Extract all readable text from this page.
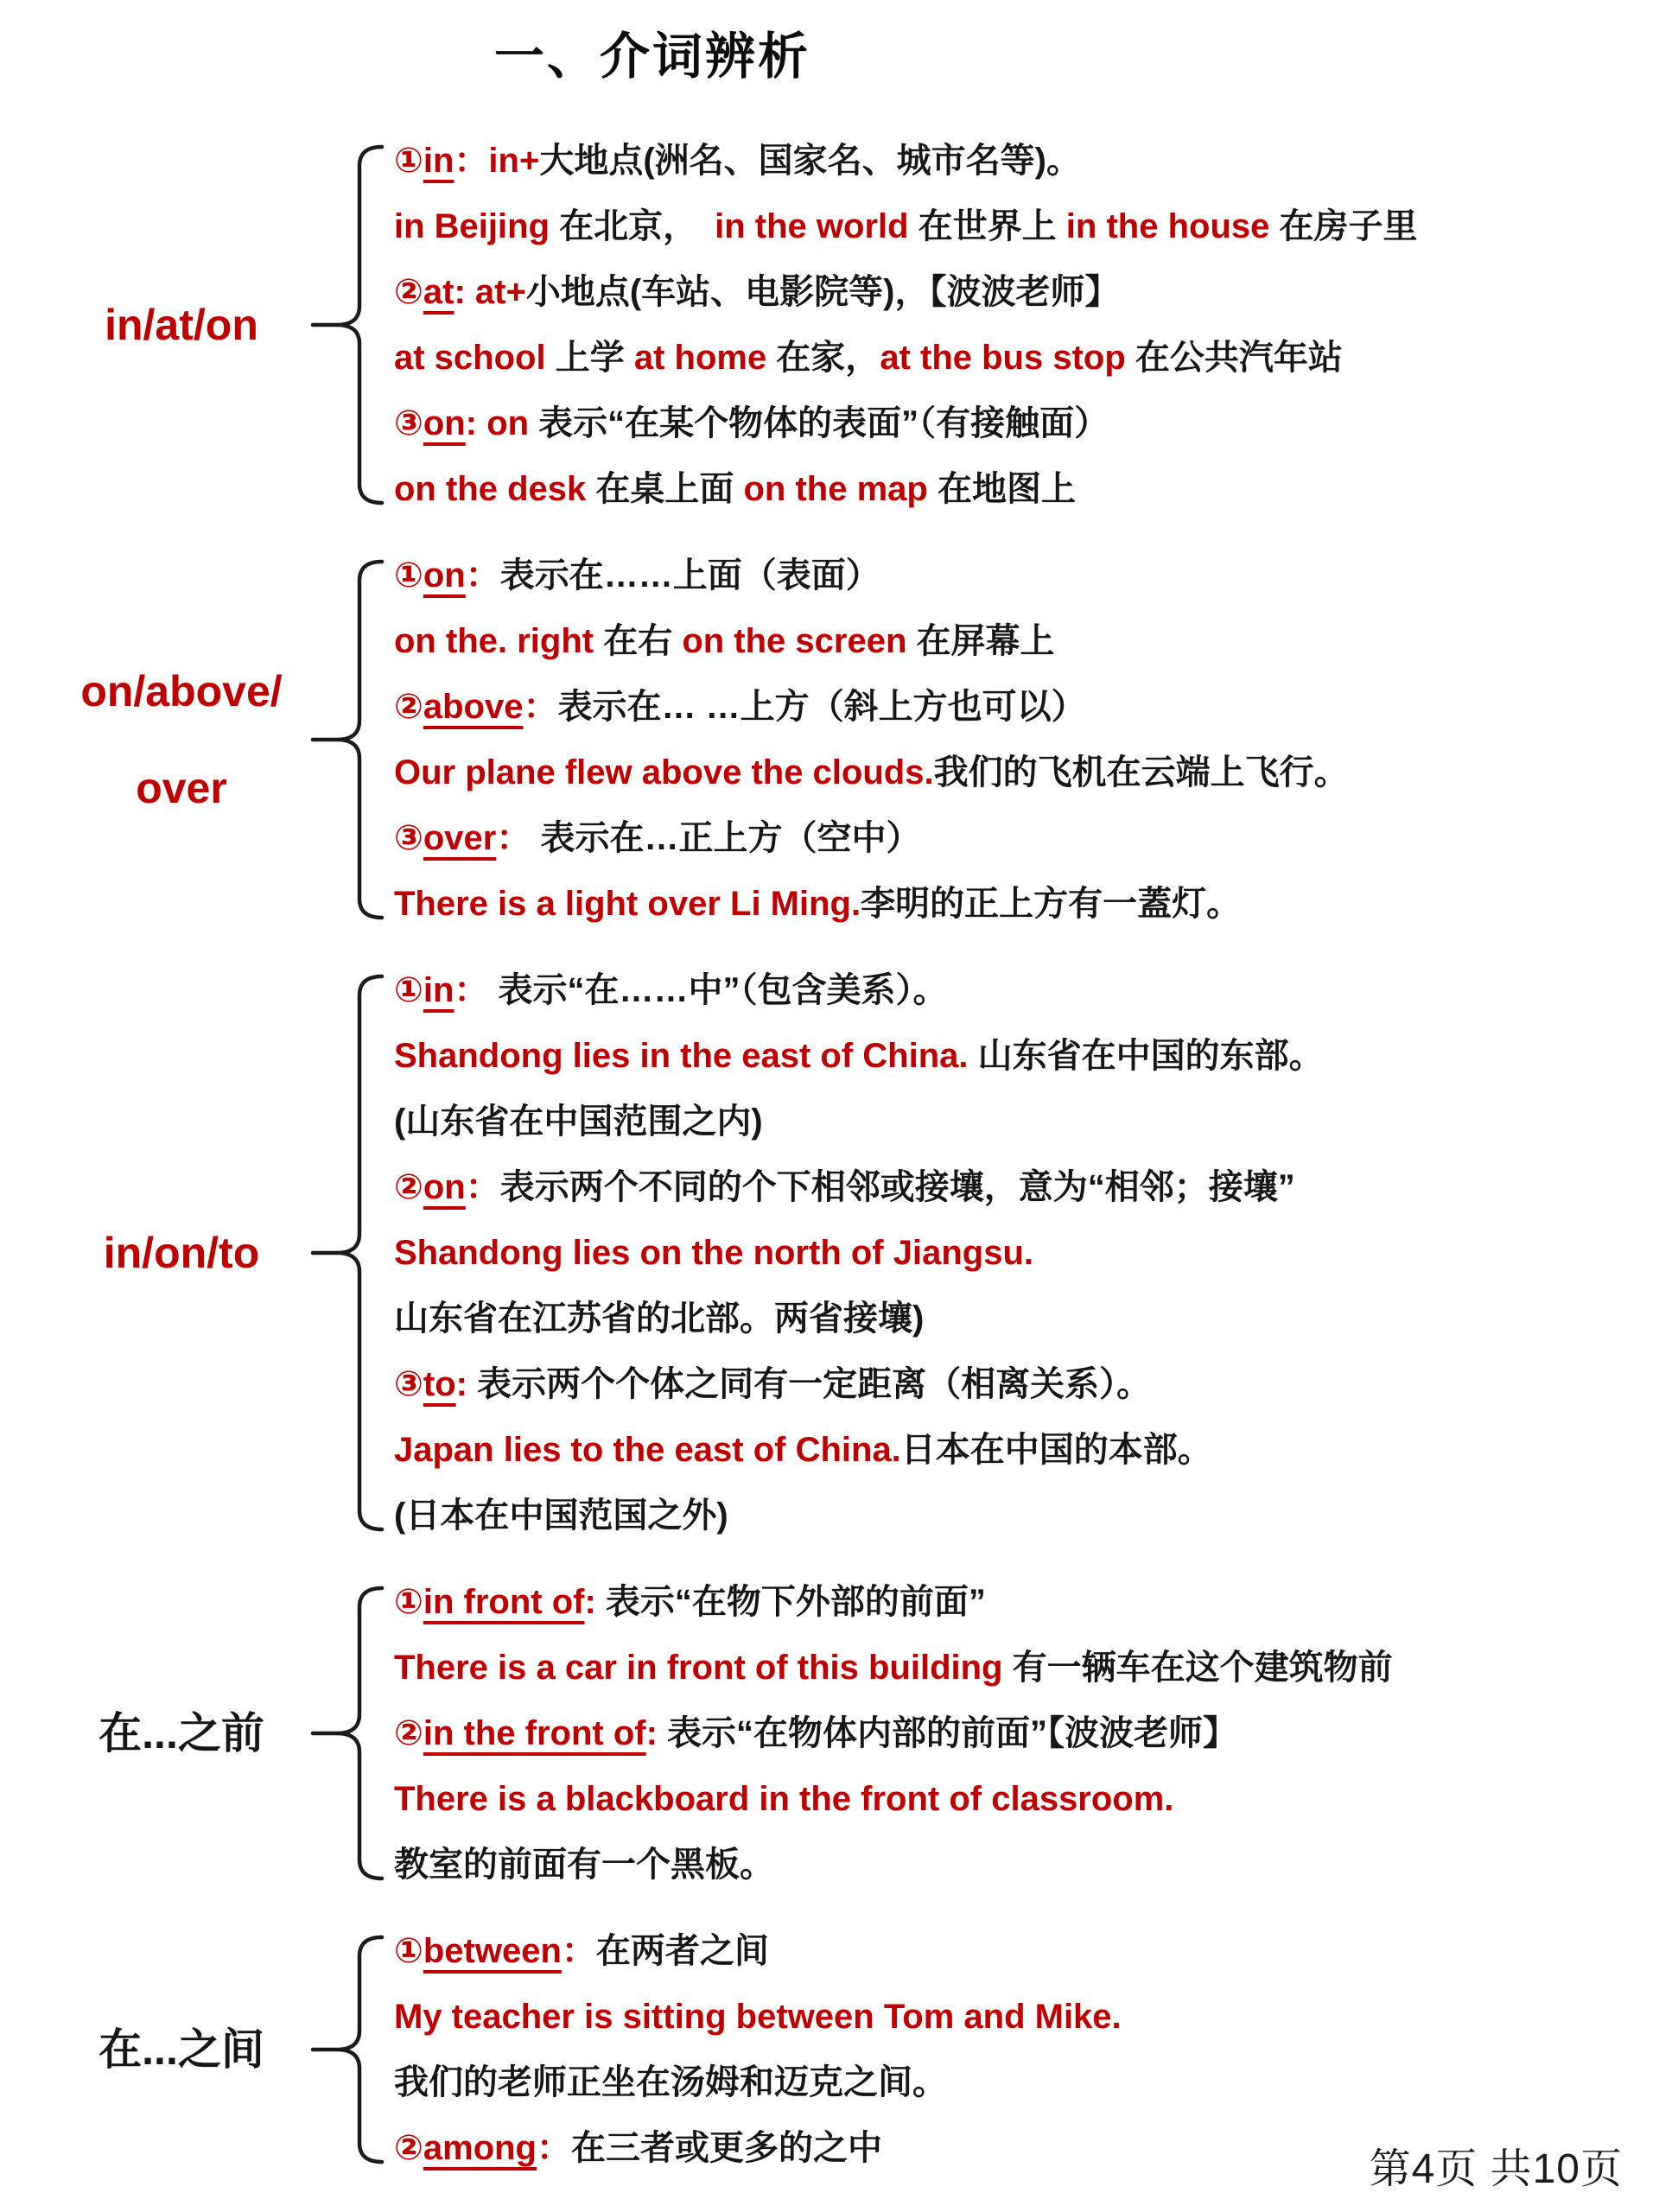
一、介词辨析
in/at/on
①in：in+大地点(洲名、国家名、城市名等)。
in Beijing 在北京，　in the world 在世界上 in the house 在房子里
②at: at+小地点(车站、电影院等)，【波波老师】
at school 上学 at home 在家，at the bus stop 在公共汽年站
③on: on 表示“在某个物体的表面”（有接触面）
on the desk 在桌上面 on the map 在地图上
on/above/
over
①on：表示在……上面（表面）
on the. right 在右 on the screen 在屏幕上
②above：表示在… …上方（斜上方也可以）
Our plane flew above the clouds.我们的飞机在云端上飞行。
③over： 表示在…正上方（空中）
There is a light over Li Ming.李明的正上方有一蓋灯。
in/on/to
①in： 表示“在……中”（包含美系）。
Shandong lies in the east of China. 山东省在中国的东部。
(山东省在中国范围之内)
②on：表示两个不同的个下相邻或接壤，意为“相邻；接壤”
Shandong lies on the north of Jiangsu.
山东省在江苏省的北部。两省接壤)
③to: 表示两个个体之同有一定距离（相离关系）。
Japan lies to the east of China.日本在中国的本部。
(日本在中国范国之外)
在...之前
①in front of: 表示“在物下外部的前面”
There is a car in front of this building 有一辆车在这个建筑物前
②in the front of: 表示“在物体内部的前面”【波波老师】
There is a blackboard in the front of classroom.
教室的前面有一个黑板。
在...之间
①between：在两者之间
My teacher is sitting between Tom and Mike.
我们的老师正坐在汤姆和迈克之间。
②among：在三者或更多的之中	第4页 共10页
